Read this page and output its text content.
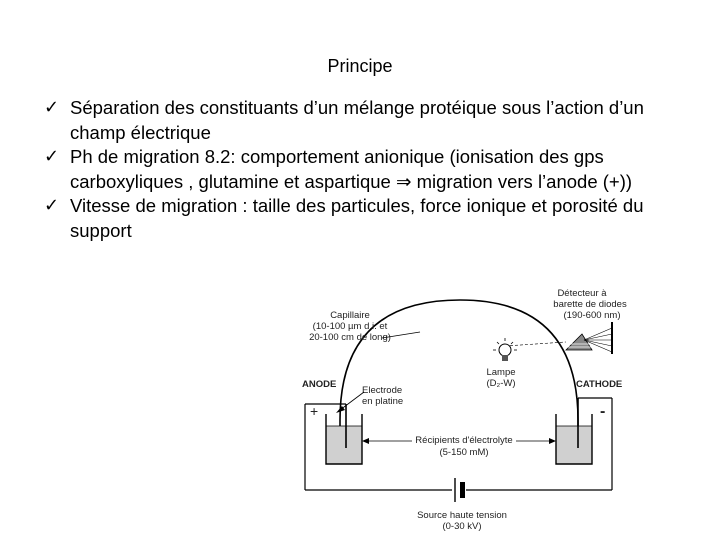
Principe
✓ Séparation des constituants d’un mélange protéique sous l’action d’un champ électrique
✓ Ph de migration 8.2: comportement anionique (ionisation des gps carboxyliques , glutamine et aspartique ⇒ migration vers l’anode (+))
✓ Vitesse de migration : taille des particules, force ionique et porosité du support
Capillaire
(10-100 µm d.i. et
20-100 cm de long)
Détecteur à
barette de diodes
(190-600 nm)
Lampe
(D₂-W)
ANODE	CATHODE
Electrode
en platine
+	-
Récipients d'électrolyte
(5-150 mM)
Source haute tension
(0-30 kV)
